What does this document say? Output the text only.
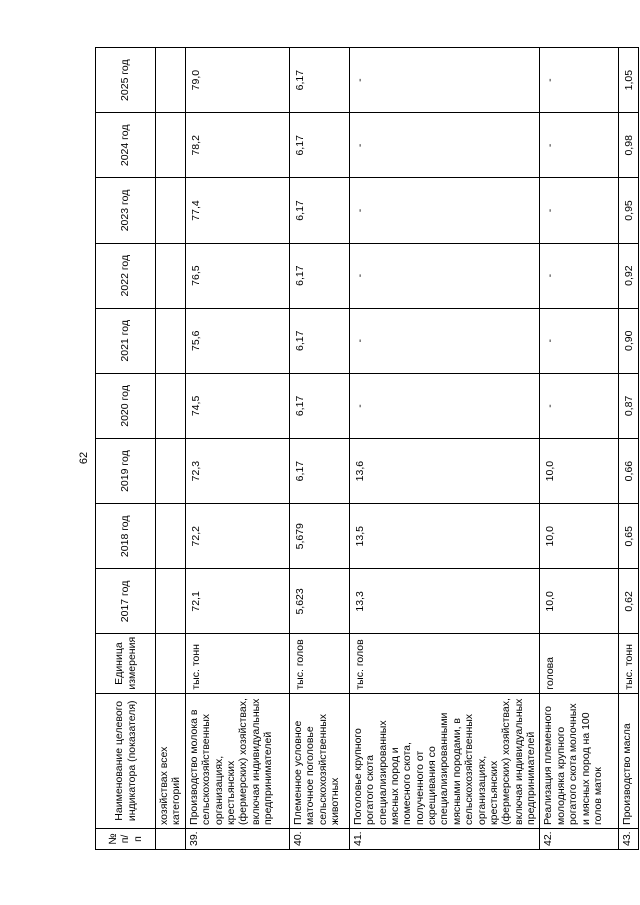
62
№ п/п	Наименование целевого индикатора (показателя)	Единица измерения	2017 год	2018 год	2019 год	2020 год	2021 год	2022 год	2023 год	2024 год	2025 год
	хозяйствах всех категорий										
39.	Производство молока в сельскохозяйственных организациях, крестьянских (фермерских) хозяйствах, включая индивидуальных предпринимателей	тыс. тонн	72,1	72,2	72,3	74,5	75,6	76,5	77,4	78,2	79,0
40.	Племенное условное маточное поголовье сельскохозяйственных животных	тыс. голов	5,623	5,679	6,17	6,17	6,17	6,17	6,17	6,17	6,17
41.	Поголовье крупного рогатого скота специализированных мясных пород и помесного скота, полученного от скрещивания со специализированными мясными породами, в сельскохозяйственных организациях, крестьянских (фермерских) хозяйствах, включая индивидуальных предпринимателей	тыс. голов	13,3	13,5	13,6	-	-	-	-	-	-
42.	Реализация племенного молодняка крупного рогатого скота молочных и мясных пород на 100 голов маток	голова	10,0	10,0	10,0	-	-	-	-	-	-
43.	Производство масла	тыс. тонн	0,62	0,65	0,66	0,87	0,90	0,92	0,95	0,98	1,05
